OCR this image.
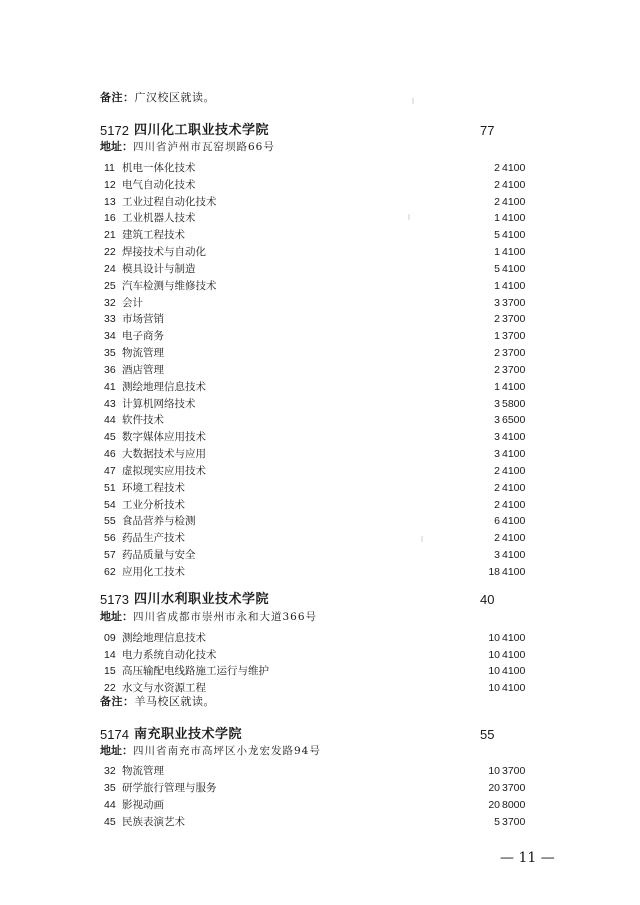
备注：广汉校区就读。
5172 四川化工职业技术学院	77
地址：四川省泸州市瓦窑坝路66号
11 机电一体化技术	2 4100
12 电气自动化技术	2 4100
13 工业过程自动化技术	2 4100
16 工业机器人技术	1 4100
21 建筑工程技术	5 4100
22 焊接技术与自动化	1 4100
24 模具设计与制造	5 4100
25 汽车检测与维修技术	1 4100
32 会计	3 3700
33 市场营销	2 3700
34 电子商务	1 3700
35 物流管理	2 3700
36 酒店管理	2 3700
41 测绘地理信息技术	1 4100
43 计算机网络技术	3 5800
44 软件技术	3 6500
45 数字媒体应用技术	3 4100
46 大数据技术与应用	3 4100
47 虚拟现实应用技术	2 4100
51 环境工程技术	2 4100
54 工业分析技术	2 4100
55 食品营养与检测	6 4100
56 药品生产技术	2 4100
57 药品质量与安全	3 4100
62 应用化工技术	18 4100
5173 四川水利职业技术学院	40
地址：四川省成都市崇州市永和大道366号
09 测绘地理信息技术	10 4100
14 电力系统自动化技术	10 4100
15 高压输配电线路施工运行与维护	10 4100
22 水文与水资源工程	10 4100
备注：羊马校区就读。
5174 南充职业技术学院	55
地址：四川省南充市高坪区小龙宏发路94号
32 物流管理	10 3700
35 研学旅行管理与服务	20 3700
44 影视动画	20 8000
45 民族表演艺术	5 3700
— 11 —
